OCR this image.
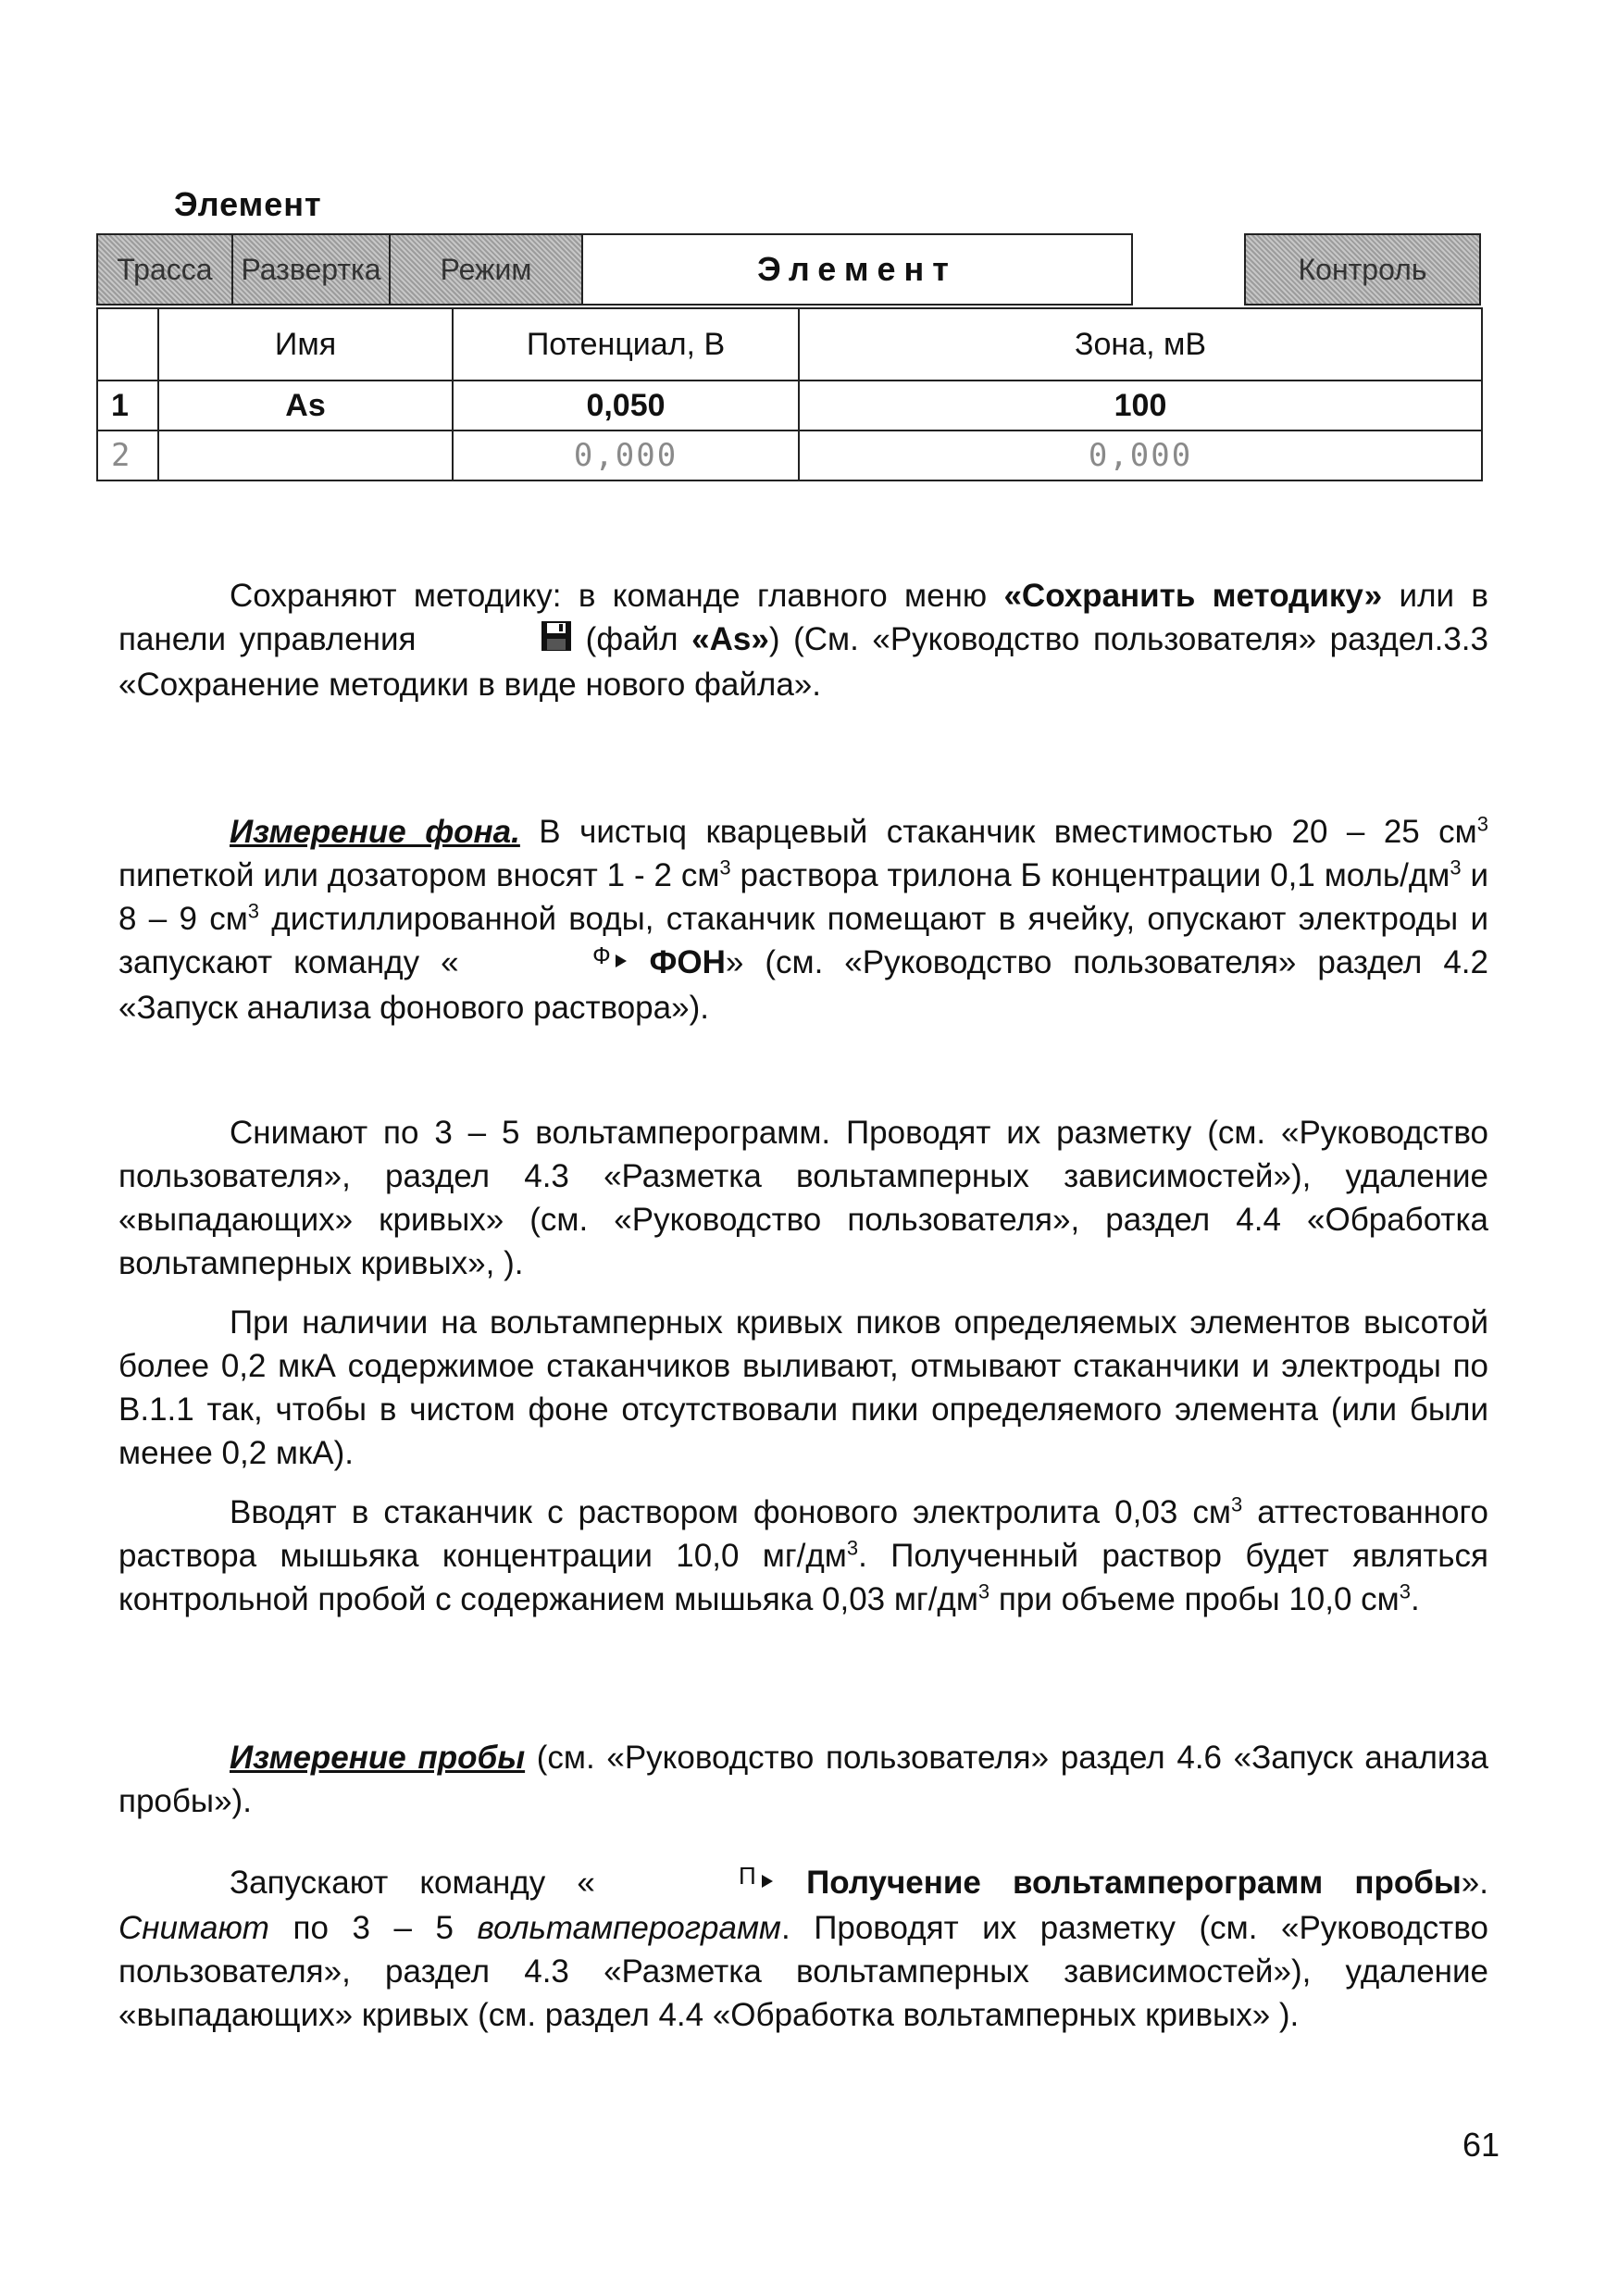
Элемент
Трасса Развертка	Режим	Элемент	Контроль
	Имя	Потенциал, В	Зона, мВ
1	As	0,050	100
2		0,000	0,000
Сохраняют методику: в команде главного меню «Сохранить методику» или в панели управления	(файл «As») (См. «Руководство пользователя» раздел.3.3 «Сохранение методики в виде нового файла».
Измерение фона. В чистыq кварцевый стаканчик вместимостью 20 – 25 $см^3$ пипеткой или дозатором вносят 1 - 2 $см^3$ раствора трилона Б концентрации 0,1 моль/$дм^3$ и 8 – 9 $см^3$ дистиллированной воды, стаканчик помещают в ячейку, опускают электроды и запускают команду «	Ф ФОН» (см. «Руководство пользователя» раздел 4.2 «Запуск анализа фонового раствора»).
Снимают по 3 – 5 вольтамперограмм. Проводят их разметку (см. «Руководство пользователя», раздел 4.3 «Разметка вольтамперных зависимостей»), удаление «выпадающих» кривых» (см. «Руководство пользователя», раздел 4.4 «Обработка вольтамперных кривых», ).
При наличии на вольтамперных кривых пиков определяемых элементов высотой более 0,2 мкА содержимое стаканчиков выливают, отмывают стаканчики и электроды по В.1.1 так, чтобы в чистом фоне отсутствовали пики определяемого элемента (или были менее 0,2 мкА).
Вводят в стаканчик с раствором фонового электролита 0,03 $см^3$ аттестованного раствора мышьяка концентрации 10,0 $мг/дм^3$. Полученный раствор будет являться контрольной пробой с содержанием мышьяка 0,03 $мг/дм^3$ при объеме пробы 10,0 $см^3$.
Измерение пробы (см. «Руководство пользователя» раздел 4.6 «Запуск анализа пробы»).
Запускают команду «	П Получение вольтамперограмм пробы». Снимают по 3 – 5 вольтамперограмм. Проводят их разметку (см. «Руководство пользователя», раздел 4.3 «Разметка вольтамперных зависимостей»), удаление «выпадающих» кривых (см. раздел 4.4 «Обработка вольтамперных кривых» ).
61
